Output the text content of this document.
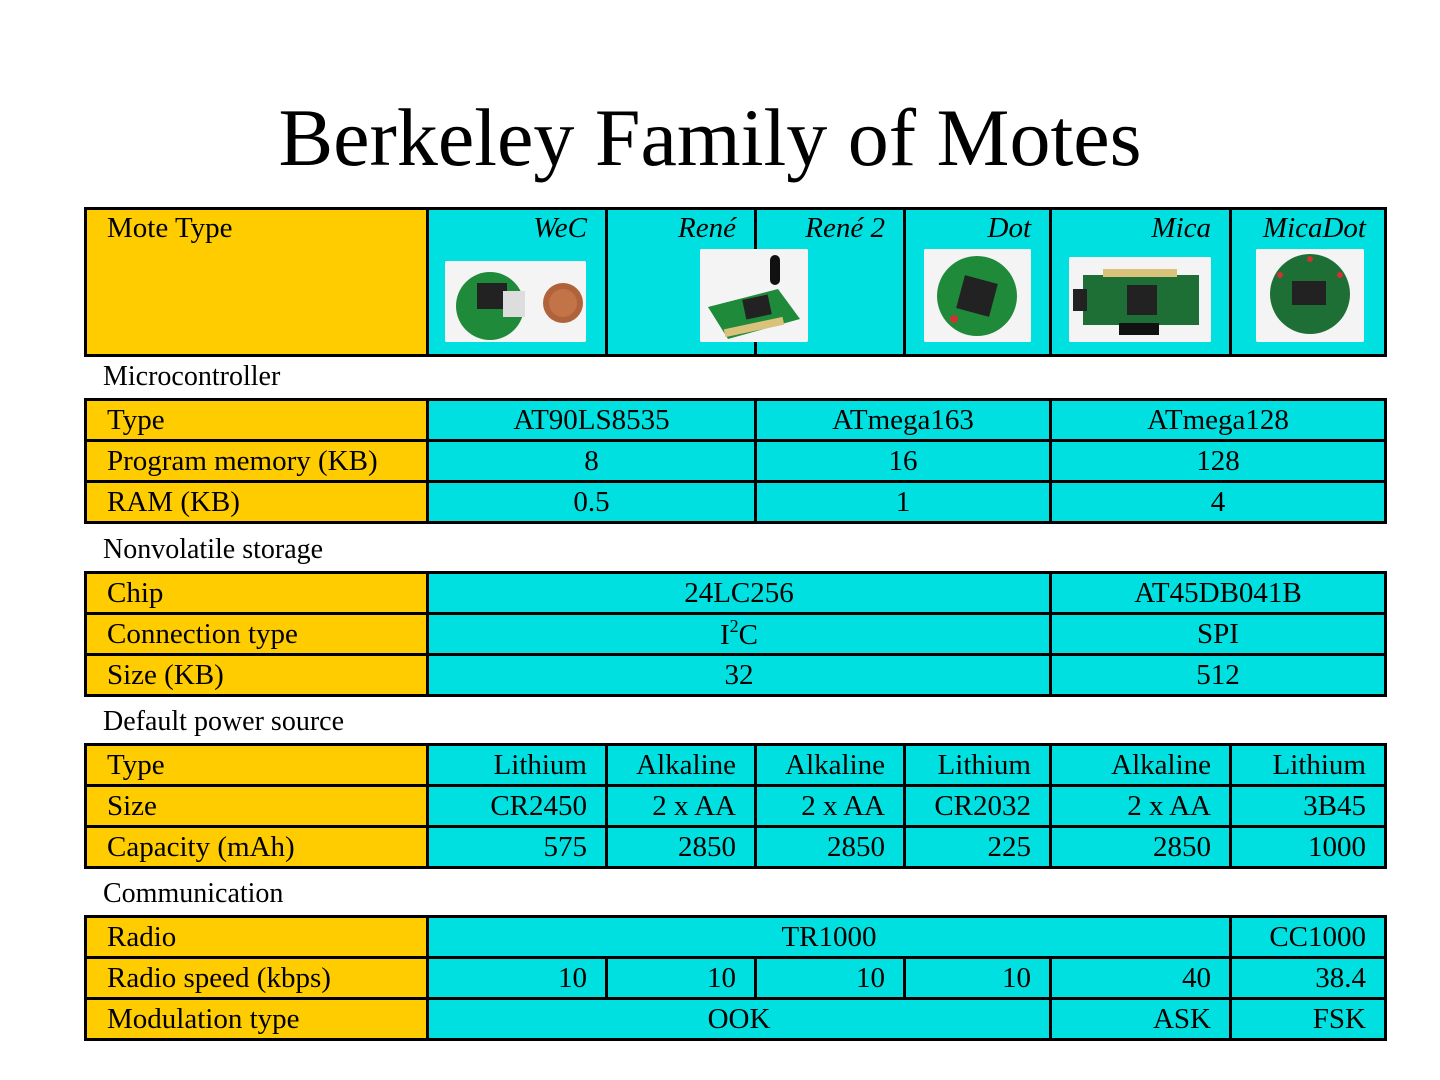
Berkeley Family of Motes
Mote Type	WeC	René	René 2	Dot	Mica	MicaDot
Microcontroller
Type	AT90LS8535	ATmega163	ATmega128
Program memory (KB)	8	16	128
RAM (KB)	0.5	1	4
Nonvolatile storage
Chip	24LC256	AT45DB041B
Connection type	$I^2C$	SPI
Size (KB)	32	512
Default power source
Type	Lithium	Alkaline	Alkaline	Lithium	Alkaline	Lithium
Size	CR2450	2 x AA	2 x AA	CR2032	2 x AA	3B45
Capacity (mAh)	575	2850	2850	225	2850	1000
Communication
Radio	TR1000					CC1000
Radio speed (kbps)	10	10	10	10	40	38.4
Modulation type	OOK				ASK	FSK
